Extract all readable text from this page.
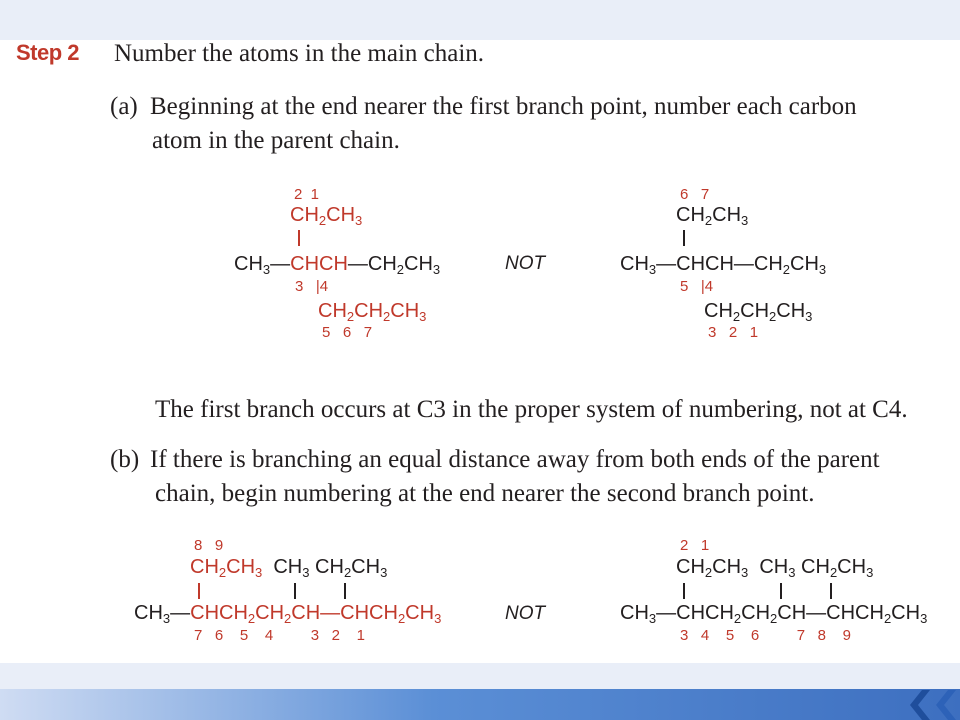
Step 2 Number the atoms in the main chain.
(a) Beginning at the end nearer the first branch point, number each carbon
atom in the parent chain.
2  1
$CH_2CH_3$
$CH_3—CHCH—CH_2CH_3$
3   |4
$CH_2CH_2CH_3$
5   6   7
NOT
6   7
$CH_2CH_3$
$CH_3—CHCH—CH_2CH_3$
5   |4
$CH_2CH_2CH_3$
3   2   1
The first branch occurs at C3 in the proper system of numbering, not at C4.
(b) If there is branching an equal distance away from both ends of the parent
chain, begin numbering at the end nearer the second branch point.
8   9
$CH_2CH_3$  $CH_3$ $CH_2CH_3$
$CH_3—CHCH_2CH_2CH—CHCH_2CH_3$
7   6    5    4         3   2    1
NOT
2   1
$CH_2CH_3$  $CH_3$ $CH_2CH_3$
$CH_3—CHCH_2CH_2CH—CHCH_2CH_3$
3   4    5    6         7   8    9
